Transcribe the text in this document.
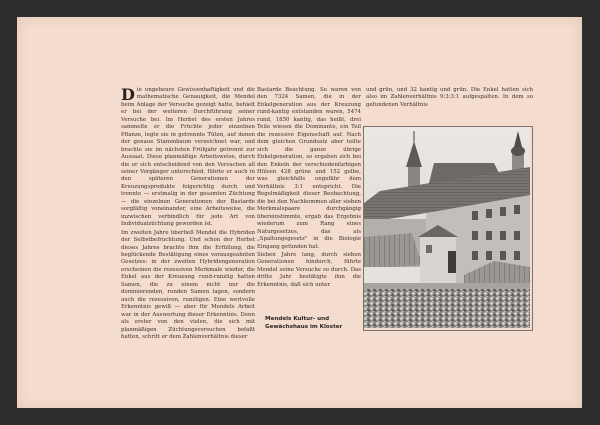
D ie ungeheure Gewissenhaftigkeit und die mathematische Genauigkeit, die Mendel beim Anlage der Versuche gezeigt hatte, behielt er bei der weiteren Durchführung seiner Versuche bei. Im Herbst des ersten Jahres sammelte er die Früchte jeder einzelnen Pflanze, legte sie in getrennte Tüten, auf denen der genaue Stammbaum verzeichnet war, und brachte sie im nächsten Frühjahr getrennt zur Aussaat. Diese planmäßige Arbeitsweise, durch die er sich entscheidend von den Versuchen all seiner Vorgänger unterschied, führte er auch in den späteren Generationen der Kreuzungsprodukte folgerichtig durch und trennte — erstmalig in der gesamten Züchtung — die einzelnen Generationen der Bastarde sorgfältig voneinander, eine Arbeitsweise, die inzwischen verbindlich für jede Art von Individualzüchtung geworden ist.

Im zweiten Jahre überließ Mendel die Hybriden der Selbstbefruchtung. Und schon der Herbst dieses Jahres brachte ihm die Erfüllung, die beglückende Bestätigung eines vorausgeahnten Gesetzes: in der zweiten Hybridengeneration erscheinen die rezessiven Merkmale wieder, die Enkel aus der Kreuzung rund-runzlig hatten Samen, die zu einem nicht nur die dominierenden, runden Samen lagen, sondern auch die rezessiven, runzligen. Eine wertvolle Erkenntnis gewiß — aber für Mendels Arbeit war in der Auswertung dieser Erkenntnis. Denn als erster von den vielen, die sich mit planmäßigen Züchtungsversuchen befaßt hatten, schritt er dem Zahlenverhältnis dieser

Bastarde Beachtung. So waren von den 7324 Samen, die in der Enkelgeneration aus der Kreuzung rund-kantig entstanden waren, 5474 rund, 1850 kantig, das heißt, drei Teile wiesen die Dominante, ein Teil die rezessive Eigenschaft auf. Nach dem gleichen Grundsatz aber teilte sich die ganze übrige Enkelgeneration, so ergaben sich bei den Enkeln der verschiedenfarbigen Hülsen 428 grüne und 152 gelbe, was gleichfalls ungefähr dem Verhältnis 3:1 entspricht. Die Regelmäßigkeit dieser Beobachtung, die bei den Nachkommen aller sieben Merkmalspaare durchgängig übereinstimmte, ergab das Ergebnis wiederum zum Rang eines Naturgesetzes, das als „Spaltungsgesetz" in die Biologie Eingang gefunden hat.

Sieben Jahre lang, durch sieben Generationen hindurch, führte Mendel seine Versuche so durch. Das dritte Jahr bestätigte ihm die Erkenntnis, daß sich unter

und grün, und 32 kantig und grün. Die Enkel hatten sich also im Zahlenverhältnis 9:3:3:1 aufgespalten. In dem so gefundenen Verhältnis

Mendels Kultur- und Gewächshaus im Kloster
